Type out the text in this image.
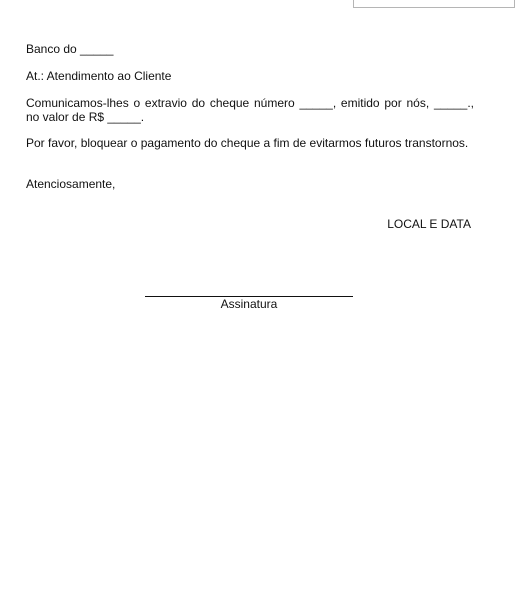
Banco do _____
At.: Atendimento ao Cliente
Comunicamos-lhes o extravio do cheque número _____, emitido por nós, _____., no valor de R$ _____.
Por favor, bloquear o pagamento do cheque a fim de evitarmos futuros transtornos.
Atenciosamente,
LOCAL E DATA
Assinatura
